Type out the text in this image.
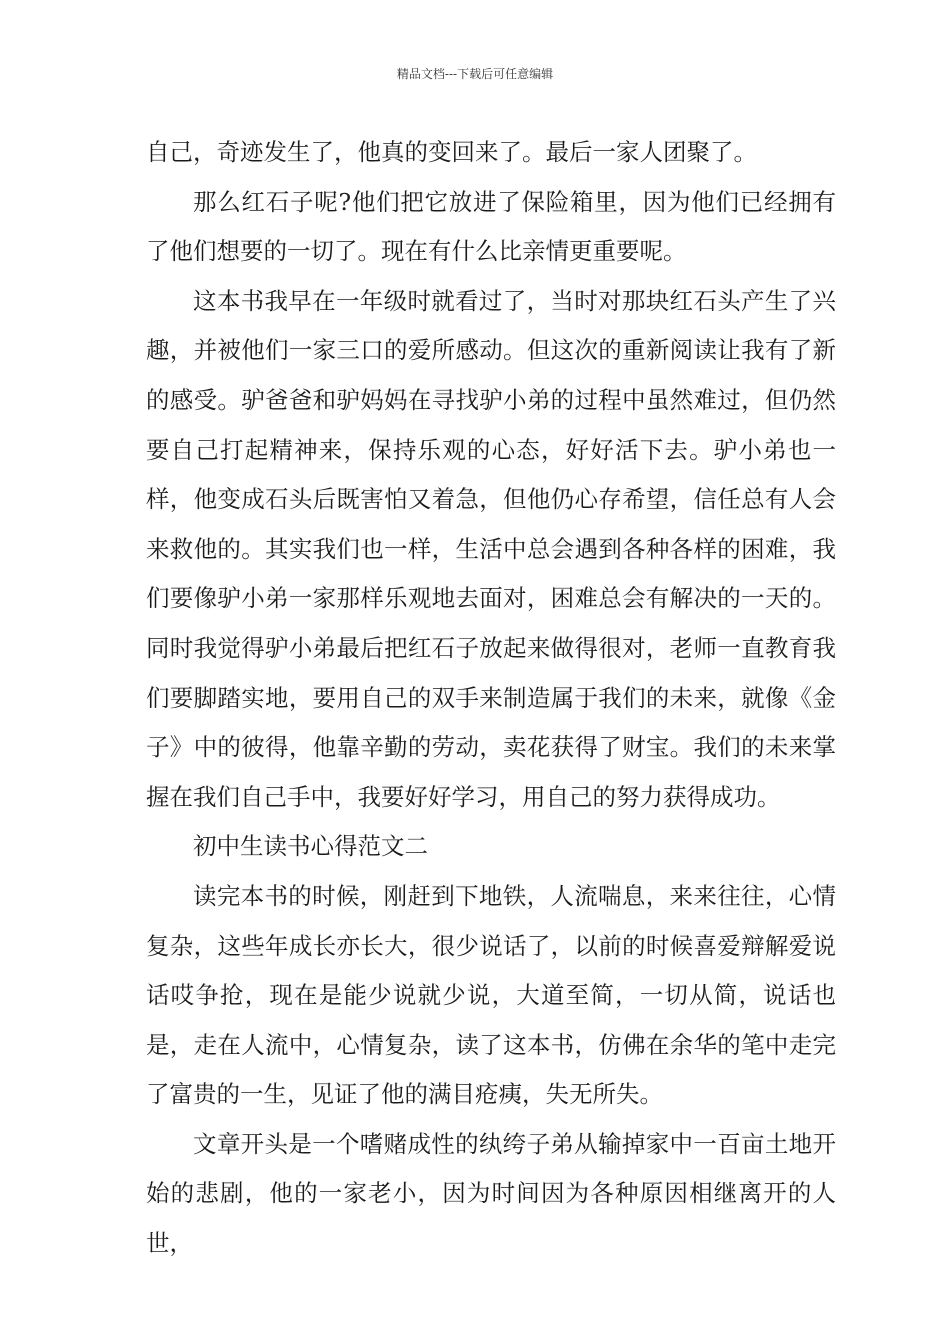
精品文档---下载后可任意编辑

自己，奇迹发生了，他真的变回来了。最后一家人团聚了。

那么红石子呢?他们把它放进了保险箱里，因为他们已经拥有了他们想要的一切了。现在有什么比亲情更重要呢。

这本书我早在一年级时就看过了，当时对那块红石头产生了兴趣，并被他们一家三口的爱所感动。但这次的重新阅读让我有了新的感受。驴爸爸和驴妈妈在寻找驴小弟的过程中虽然难过，但仍然要自己打起精神来，保持乐观的心态，好好活下去。驴小弟也一样，他变成石头后既害怕又着急，但他仍心存希望，信任总有人会来救他的。其实我们也一样，生活中总会遇到各种各样的困难，我们要像驴小弟一家那样乐观地去面对，困难总会有解决的一天的。同时我觉得驴小弟最后把红石子放起来做得很对，老师一直教育我们要脚踏实地，要用自己的双手来制造属于我们的未来，就像《金子》中的彼得，他靠辛勤的劳动，卖花获得了财宝。我们的未来掌握在我们自己手中，我要好好学习，用自己的努力获得成功。

初中生读书心得范文二

读完本书的时候，刚赶到下地铁，人流喘息，来来往往，心情复杂，这些年成长亦长大，很少说话了，以前的时候喜爱辩解爱说话哎争抢，现在是能少说就少说，大道至简，一切从简，说话也是，走在人流中，心情复杂，读了这本书，仿佛在余华的笔中走完了富贵的一生，见证了他的满目疮痍，失无所失。

文章开头是一个嗜赌成性的纨绔子弟从输掉家中一百亩土地开始的悲剧，他的一家老小，因为时间因为各种原因相继离开的人世，
